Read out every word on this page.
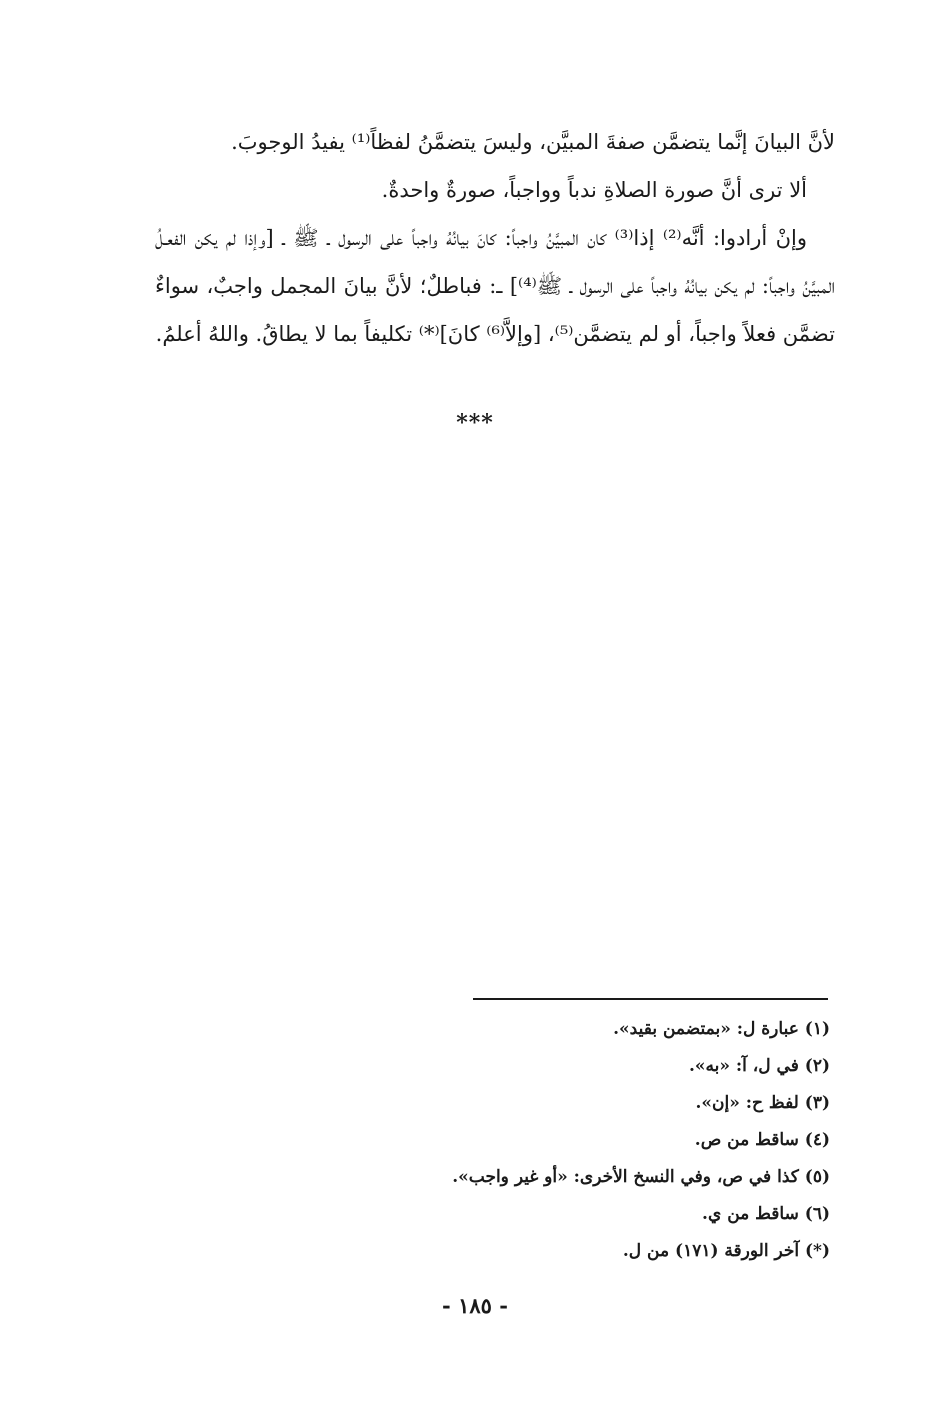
لأنَّ البيانَ إنَّما يتضمَّن صفةَ المبيَّن، وليسَ يتضمَّنُ لفظاً⁽¹⁾ يفيدُ الوجوبَ.

ألا ترى أنَّ صورة الصلاةِ ندباً وواجباً، صورةٌ واحدةٌ.

وإنْ أرادوا: أنَّه⁽²⁾ إذا⁽³⁾ كان المبيَّنُ واجباً: كانَ بيانُهُ واجباً على الرسول ـ ﷺ ـ [وإذا لم يكن الفعـلُ المبيَّنُ واجباً: لم يكن بيانُهُ واجباً على الرسول ـ ﷺ⁽⁴⁾] ـ: فباطلٌ؛ لأنَّ بيانَ المجمل واجبٌ، سواءٌ تضمَّن فعلاً واجباً، أو لم يتضمَّن⁽⁵⁾، [وإلاَّ⁽⁶⁾ كانَ]⁽*⁾ تكليفاً بما لا يطاقُ. واللهُ أعلمُ.

***
(١) عبارة ل: «بمتضمن بقيد».
(٢) في ل، آ: «به».
(٣) لفظ ح: «إن».
(٤) ساقط من ص.
(٥) كذا في ص، وفي النسخ الأخرى: «أو غير واجب».
(٦) ساقط من ي.
(*) آخر الورقة (١٧١) من ل.
- ١٨٥ -
